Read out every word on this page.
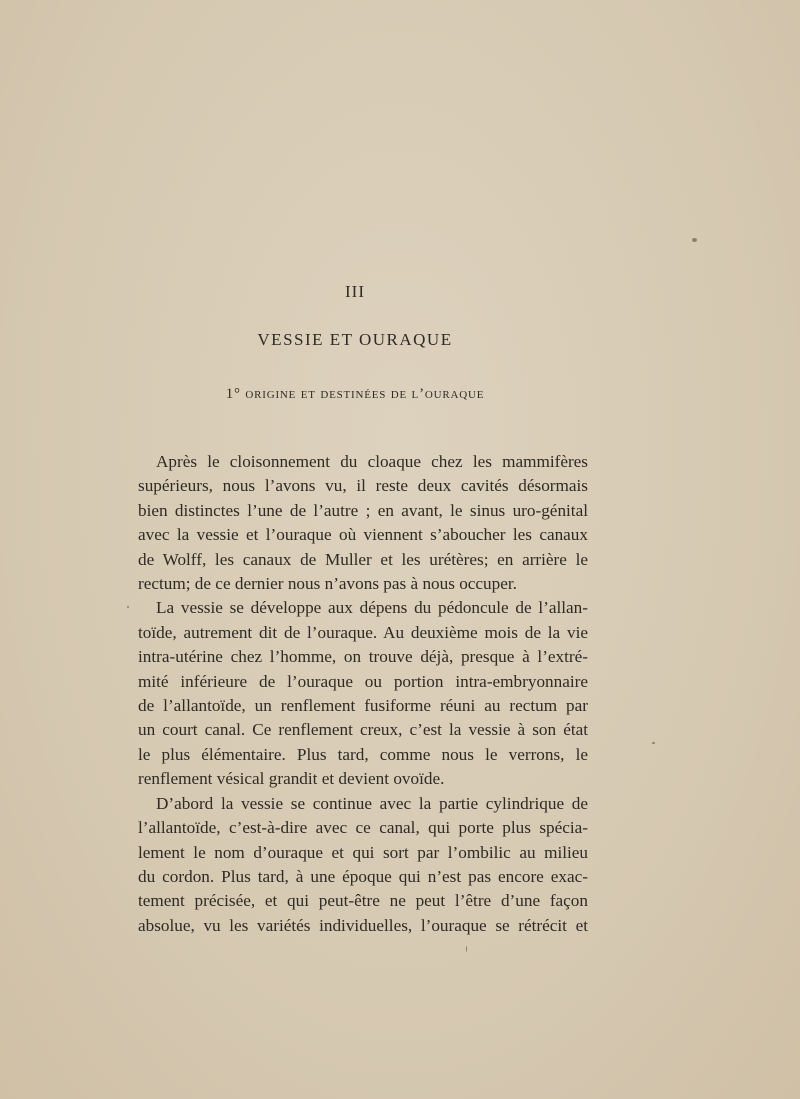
III
VESSIE ET OURAQUE
1° origine et destinées de l’ouraque

Après le cloisonnement du cloaque chez les mammifères
supérieurs, nous l’avons vu, il reste deux cavités désormais
bien distinctes l’une de l’autre ; en avant, le sinus uro-génital
avec la vessie et l’ouraque où viennent s’aboucher les canaux
de Wolff, les canaux de Muller et les urétères; en arrière le
rectum; de ce dernier nous n’avons pas à nous occuper.

La vessie se développe aux dépens du pédoncule de l’allan-
toïde, autrement dit de l’ouraque. Au deuxième mois de la vie
intra-utérine chez l’homme, on trouve déjà, presque à l’extré-
mité inférieure de l’ouraque ou portion intra-embryonnaire
de l’allantoïde, un renflement fusiforme réuni au rectum par
un court canal. Ce renflement creux, c’est la vessie à son état
le plus élémentaire. Plus tard, comme nous le verrons, le
renflement vésical grandit et devient ovoïde.

D’abord la vessie se continue avec la partie cylindrique de
l’allantoïde, c’est-à-dire avec ce canal, qui porte plus spécia-
lement le nom d’ouraque et qui sort par l’ombilic au milieu
du cordon. Plus tard, à une époque qui n’est pas encore exac-
tement précisée, et qui peut-être ne peut l’être d’une façon
absolue, vu les variétés individuelles, l’ouraque se rétrécit et
